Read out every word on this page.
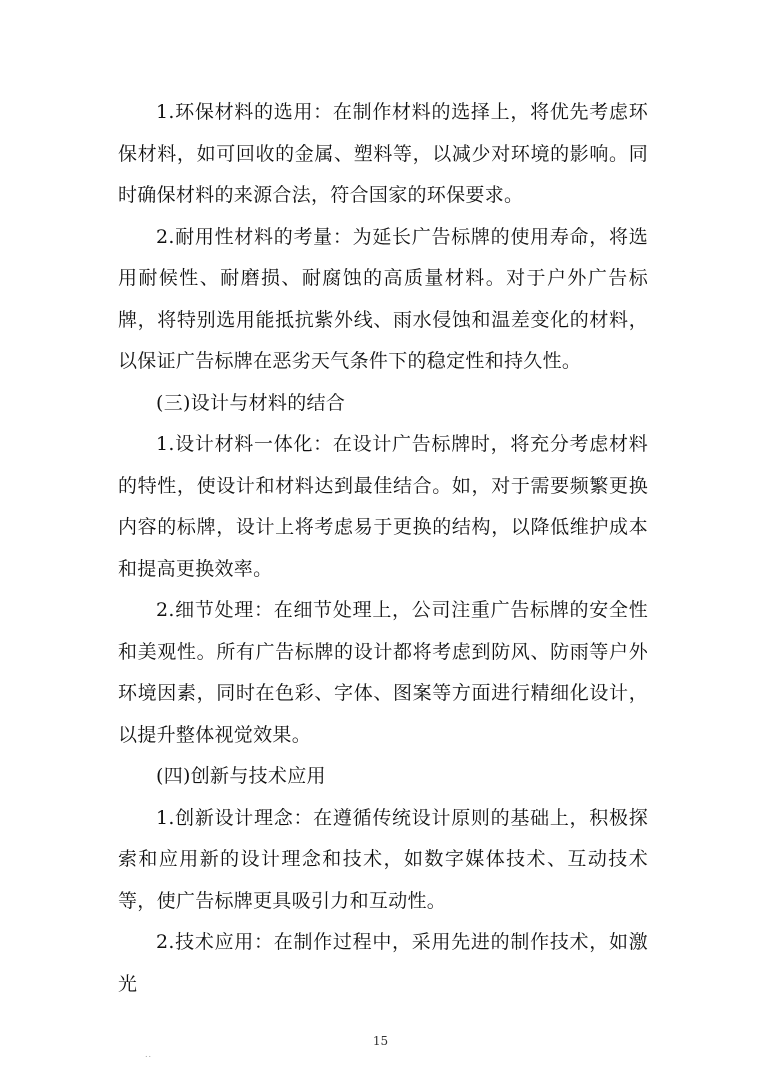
1.环保材料的选用：在制作材料的选择上，将优先考虑环保材料，如可回收的金属、塑料等，以减少对环境的影响。同时确保材料的来源合法，符合国家的环保要求。

2.耐用性材料的考量：为延长广告标牌的使用寿命，将选用耐候性、耐磨损、耐腐蚀的高质量材料。对于户外广告标牌，将特别选用能抵抗紫外线、雨水侵蚀和温差变化的材料，以保证广告标牌在恶劣天气条件下的稳定性和持久性。

(三)设计与材料的结合

1.设计材料一体化：在设计广告标牌时，将充分考虑材料的特性，使设计和材料达到最佳结合。如，对于需要频繁更换内容的标牌，设计上将考虑易于更换的结构，以降低维护成本和提高更换效率。

2.细节处理：在细节处理上，公司注重广告标牌的安全性和美观性。所有广告标牌的设计都将考虑到防风、防雨等户外环境因素，同时在色彩、字体、图案等方面进行精细化设计，以提升整体视觉效果。

(四)创新与技术应用

1.创新设计理念：在遵循传统设计原则的基础上，积极探索和应用新的设计理念和技术，如数字媒体技术、互动技术等，使广告标牌更具吸引力和互动性。

2.技术应用：在制作过程中，采用先进的制作技术，如激光

15
..
